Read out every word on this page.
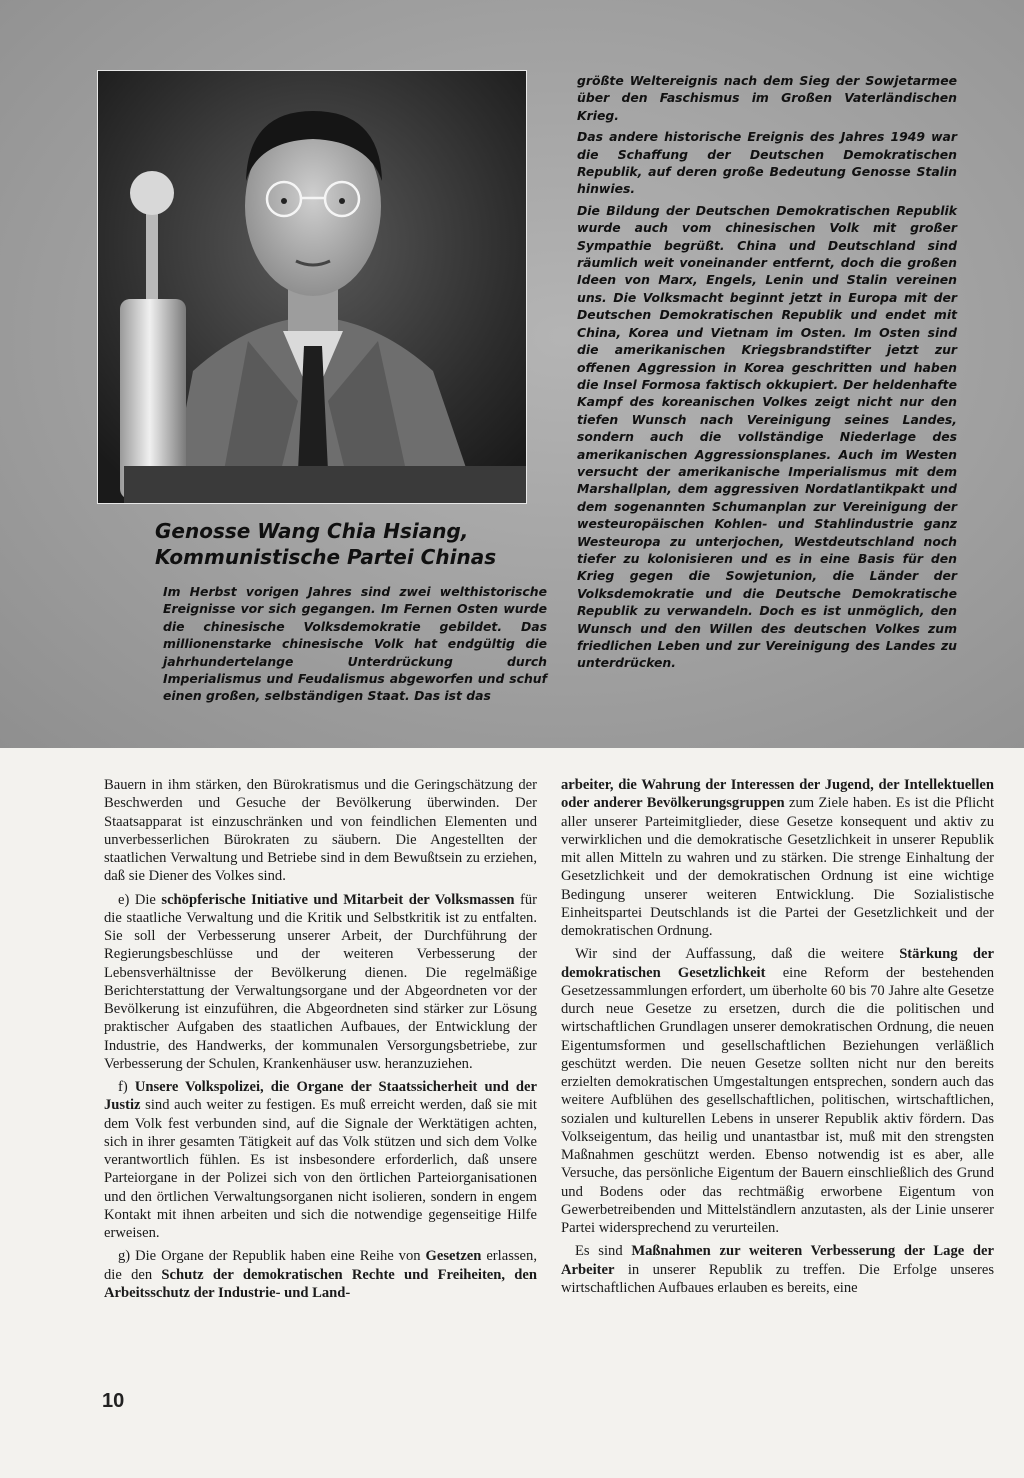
Genosse Wang Chia Hsiang,
Kommunistische Partei Chinas

Im Herbst vorigen Jahres sind zwei welthistorische Ereignisse vor sich gegangen. Im Fernen Osten wurde die chinesische Volksdemokratie gebildet. Das millionenstarke chinesische Volk hat endgültig die jahrhundertelange Unterdrückung durch Imperialismus und Feudalismus abgeworfen und schuf einen großen, selbständigen Staat. Das ist das

größte Weltereignis nach dem Sieg der Sowjetarmee über den Faschismus im Großen Vaterländischen Krieg.

Das andere historische Ereignis des Jahres 1949 war die Schaffung der Deutschen Demokratischen Republik, auf deren große Bedeutung Genosse Stalin hinwies.

Die Bildung der Deutschen Demokratischen Republik wurde auch vom chinesischen Volk mit großer Sympathie begrüßt. China und Deutschland sind räumlich weit voneinander entfernt, doch die großen Ideen von Marx, Engels, Lenin und Stalin vereinen uns. Die Volksmacht beginnt jetzt in Europa mit der Deutschen Demokratischen Republik und endet mit China, Korea und Vietnam im Osten. Im Osten sind die amerikanischen Kriegsbrandstifter jetzt zur offenen Aggression in Korea geschritten und haben die Insel Formosa faktisch okkupiert. Der heldenhafte Kampf des koreanischen Volkes zeigt nicht nur den tiefen Wunsch nach Vereinigung seines Landes, sondern auch die vollständige Niederlage des amerikanischen Aggressionsplanes. Auch im Westen versucht der amerikanische Imperialismus mit dem Marshallplan, dem aggressiven Nordatlantikpakt und dem sogenannten Schumanplan zur Vereinigung der westeuropäischen Kohlen- und Stahlindustrie ganz Westeuropa zu unterjochen, Westdeutschland noch tiefer zu kolonisieren und es in eine Basis für den Krieg gegen die Sowjetunion, die Länder der Volksdemokratie und die Deutsche Demokratische Republik zu verwandeln. Doch es ist unmöglich, den Wunsch und den Willen des deutschen Volkes zum friedlichen Leben und zur Vereinigung des Landes zu unterdrücken.

Bauern in ihm stärken, den Bürokratismus und die Geringschätzung der Beschwerden und Gesuche der Bevölkerung überwinden. Der Staatsapparat ist einzuschränken und von feindlichen Elementen und unverbesserlichen Bürokraten zu säubern. Die Angestellten der staatlichen Verwaltung und Betriebe sind in dem Bewußtsein zu erziehen, daß sie Diener des Volkes sind.

e) Die schöpferische Initiative und Mitarbeit der Volksmassen für die staatliche Verwaltung und die Kritik und Selbstkritik ist zu entfalten. Sie soll der Verbesserung unserer Arbeit, der Durchführung der Regierungsbeschlüsse und der weiteren Verbesserung der Lebensverhältnisse der Bevölkerung dienen. Die regelmäßige Berichterstattung der Verwaltungsorgane und der Abgeordneten vor der Bevölkerung ist einzuführen, die Abgeordneten sind stärker zur Lösung praktischer Aufgaben des staatlichen Aufbaues, der Entwicklung der Industrie, des Handwerks, der kommunalen Versorgungsbetriebe, zur Verbesserung der Schulen, Krankenhäuser usw. heranzuziehen.

f) Unsere Volkspolizei, die Organe der Staatssicherheit und der Justiz sind auch weiter zu festigen. Es muß erreicht werden, daß sie mit dem Volk fest verbunden sind, auf die Signale der Werktätigen achten, sich in ihrer gesamten Tätigkeit auf das Volk stützen und sich dem Volke verantwortlich fühlen. Es ist insbesondere erforderlich, daß unsere Parteiorgane in der Polizei sich von den örtlichen Parteiorganisationen und den örtlichen Verwaltungsorganen nicht isolieren, sondern in engem Kontakt mit ihnen arbeiten und sich die notwendige gegenseitige Hilfe erweisen.

g) Die Organe der Republik haben eine Reihe von Gesetzen erlassen, die den Schutz der demokratischen Rechte und Freiheiten, den Arbeitsschutz der Industrie- und Land-

arbeiter, die Wahrung der Interessen der Jugend, der Intellektuellen oder anderer Bevölkerungsgruppen zum Ziele haben. Es ist die Pflicht aller unserer Parteimitglieder, diese Gesetze konsequent und aktiv zu verwirklichen und die demokratische Gesetzlichkeit in unserer Republik mit allen Mitteln zu wahren und zu stärken. Die strenge Einhaltung der Gesetzlichkeit und der demokratischen Ordnung ist eine wichtige Bedingung unserer weiteren Entwicklung. Die Sozialistische Einheitspartei Deutschlands ist die Partei der Gesetzlichkeit und der demokratischen Ordnung.

Wir sind der Auffassung, daß die weitere Stärkung der demokratischen Gesetzlichkeit eine Reform der bestehenden Gesetzessammlungen erfordert, um überholte 60 bis 70 Jahre alte Gesetze durch neue Gesetze zu ersetzen, durch die die politischen und wirtschaftlichen Grundlagen unserer demokratischen Ordnung, die neuen Eigentumsformen und gesellschaftlichen Beziehungen verläßlich geschützt werden. Die neuen Gesetze sollten nicht nur den bereits erzielten demokratischen Umgestaltungen entsprechen, sondern auch das weitere Aufblühen des gesellschaftlichen, politischen, wirtschaftlichen, sozialen und kulturellen Lebens in unserer Republik aktiv fördern. Das Volkseigentum, das heilig und unantastbar ist, muß mit den strengsten Maßnahmen geschützt werden. Ebenso notwendig ist es aber, alle Versuche, das persönliche Eigentum der Bauern einschließlich des Grund und Bodens oder das rechtmäßig erworbene Eigentum von Gewerbetreibenden und Mittelständlern anzutasten, als der Linie unserer Partei widersprechend zu verurteilen.

Es sind Maßnahmen zur weiteren Verbesserung der Lage der Arbeiter in unserer Republik zu treffen. Die Erfolge unseres wirtschaftlichen Aufbaues erlauben es bereits, eine

10
